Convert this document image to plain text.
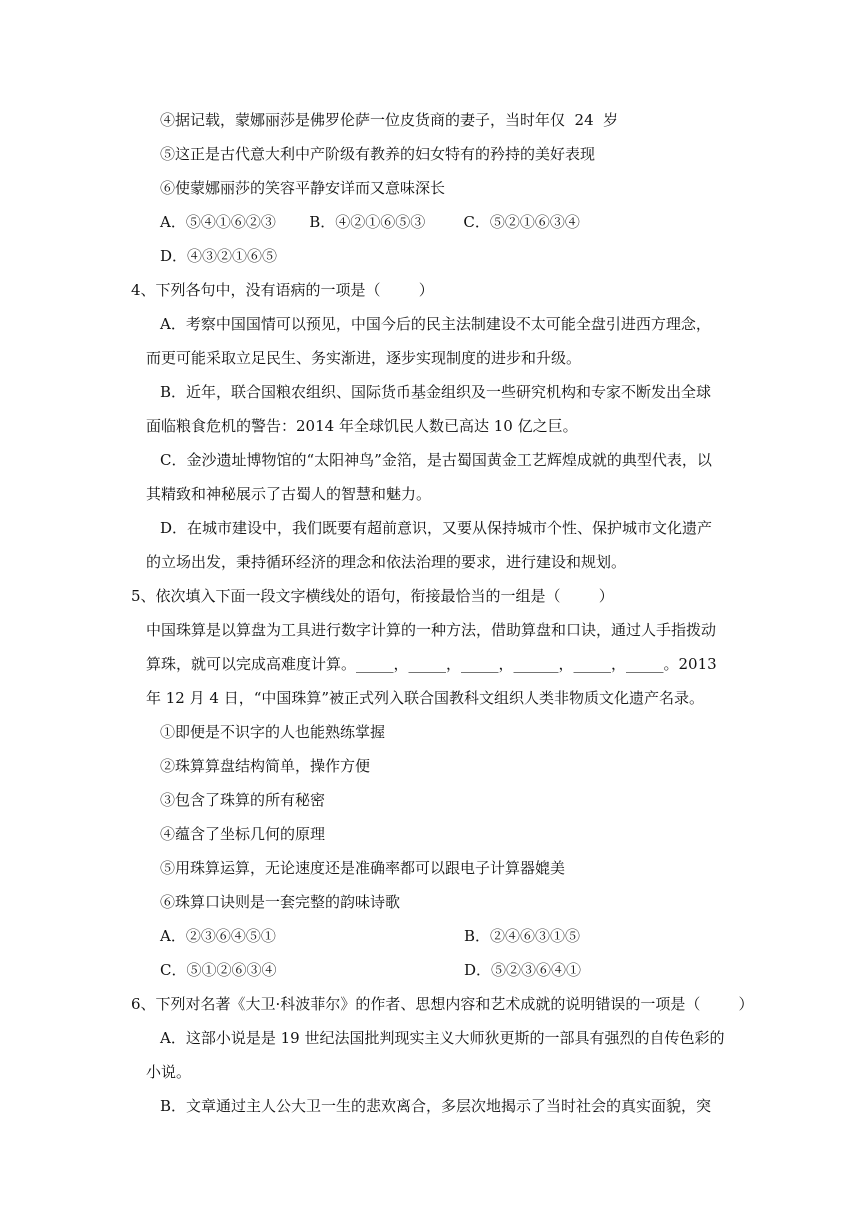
④据记载，蒙娜丽莎是佛罗伦萨一位皮货商的妻子，当时年仅  24  岁
⑤这正是古代意大利中产阶级有教养的妇女特有的矜持的美好表现
⑥使蒙娜丽莎的笑容平静安详而又意味深长
A．⑤④①⑥②③       B．④②①⑥⑤③        C．⑤②①⑥③④
D．④③②①⑥⑤
4、下列各句中，没有语病的一项是（        ）
A．考察中国国情可以预见，中国今后的民主法制建设不太可能全盘引进西方理念，
而更可能采取立足民生、务实渐进，逐步实现制度的进步和升级。
B．近年，联合国粮农组织、国际货币基金组织及一些研究机构和专家不断发出全球
面临粮食危机的警告：2014 年全球饥民人数已高达 10 亿之巨。
C．金沙遗址博物馆的“太阳神鸟”金箔，是古蜀国黄金工艺辉煌成就的典型代表，以
其精致和神秘展示了古蜀人的智慧和魅力。
D．在城市建设中，我们既要有超前意识，又要从保持城市个性、保护城市文化遗产
的立场出发，秉持循环经济的理念和依法治理的要求，进行建设和规划。
5、依次填入下面一段文字横线处的语句，衔接最恰当的一组是（        ）
中国珠算是以算盘为工具进行数字计算的一种方法，借助算盘和口诀，通过人手指拨动
算珠，就可以完成高难度计算。_____，_____，_____，______，_____，_____。2013
年 12 月 4 日，“中国珠算”被正式列入联合国教科文组织人类非物质文化遗产名录。
①即便是不识字的人也能熟练掌握
②珠算算盘结构简单，操作方便
③包含了珠算的所有秘密
④蕴含了坐标几何的原理
⑤用珠算运算，无论速度还是准确率都可以跟电子计算器媲美
⑥珠算口诀则是一套完整的韵味诗歌
A．②③⑥④⑤①	B．②④⑥③①⑤
C．⑤①②⑥③④	D．⑤②③⑥④①
6、下列对名著《大卫·科波菲尔》的作者、思想内容和艺术成就的说明错误的一项是（        ）
A．这部小说是是 19 世纪法国批判现实主义大师狄更斯的一部具有强烈的自传色彩的
小说。
B．文章通过主人公大卫一生的悲欢离合，多层次地揭示了当时社会的真实面貌，突
